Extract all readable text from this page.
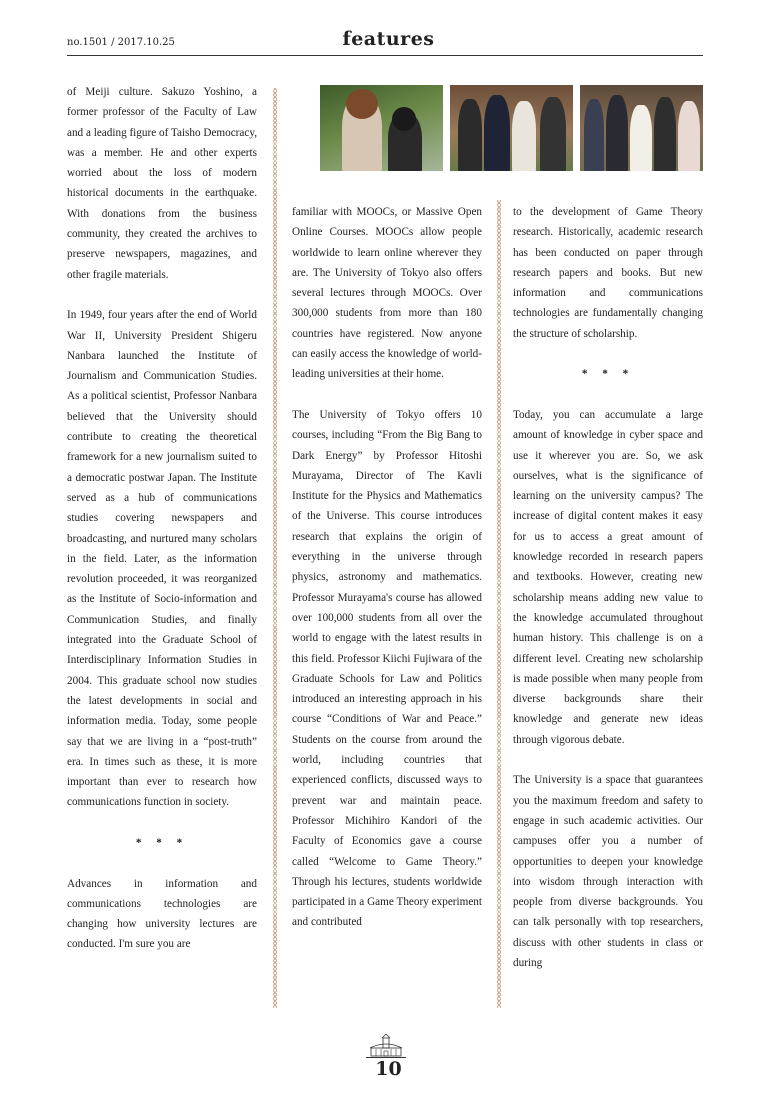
no.1501 / 2017.10.25	features

of Meiji culture. Sakuzo Yoshino, a former professor of the Faculty of Law and a leading figure of Taisho Democracy, was a member. He and other experts worried about the loss of modern historical documents in the earthquake. With donations from the business community, they created the archives to preserve newspapers, magazines, and other fragile materials.

In 1949, four years after the end of World War II, University President Shigeru Nanbara launched the Institute of Journalism and Communication Studies. As a political scientist, Professor Nanbara believed that the University should contribute to creating the theoretical framework for a new journalism suited to a democratic postwar Japan. The Institute served as a hub of communications studies covering newspapers and broadcasting, and nurtured many scholars in the field. Later, as the information revolution proceeded, it was reorganized as the Institute of Socio-information and Communication Studies, and finally integrated into the Graduate School of Interdisciplinary Information Studies in 2004. This graduate school now studies the latest developments in social and information media. Today, some people say that we are living in a “post-truth” era. In times such as these, it is more important than ever to research how communications function in society.

* * *

Advances in information and communications technologies are changing how university lectures are conducted. I'm sure you are

familiar with MOOCs, or Massive Open Online Courses. MOOCs allow people worldwide to learn online wherever they are. The University of Tokyo also offers several lectures through MOOCs. Over 300,000 students from more than 180 countries have registered. Now anyone can easily access the knowledge of world-leading universities at their home.

The University of Tokyo offers 10 courses, including “From the Big Bang to Dark Energy” by Professor Hitoshi Murayama, Director of The Kavli Institute for the Physics and Mathematics of the Universe. This course introduces research that explains the origin of everything in the universe through physics, astronomy and mathematics. Professor Murayama's course has allowed over 100,000 students from all over the world to engage with the latest results in this field. Professor Kiichi Fujiwara of the Graduate Schools for Law and Politics introduced an interesting approach in his course “Conditions of War and Peace.” Students on the course from around the world, including countries that experienced conflicts, discussed ways to prevent war and maintain peace. Professor Michihiro Kandori of the Faculty of Economics gave a course called “Welcome to Game Theory.” Through his lectures, students worldwide participated in a Game Theory experiment and contributed

to the development of Game Theory research. Historically, academic research has been conducted on paper through research papers and books. But new information and communications technologies are fundamentally changing the structure of scholarship.

* * *

Today, you can accumulate a large amount of knowledge in cyber space and use it wherever you are. So, we ask ourselves, what is the significance of learning on the university campus? The increase of digital content makes it easy for us to access a great amount of knowledge recorded in research papers and textbooks. However, creating new scholarship means adding new value to the knowledge accumulated throughout human history. This challenge is on a different level. Creating new scholarship is made possible when many people from diverse backgrounds share their knowledge and generate new ideas through vigorous debate.

The University is a space that guarantees you the maximum freedom and safety to engage in such academic activities. Our campuses offer you a number of opportunities to deepen your knowledge into wisdom through interaction with people from diverse backgrounds. You can talk personally with top researchers, discuss with other students in class or during

10
